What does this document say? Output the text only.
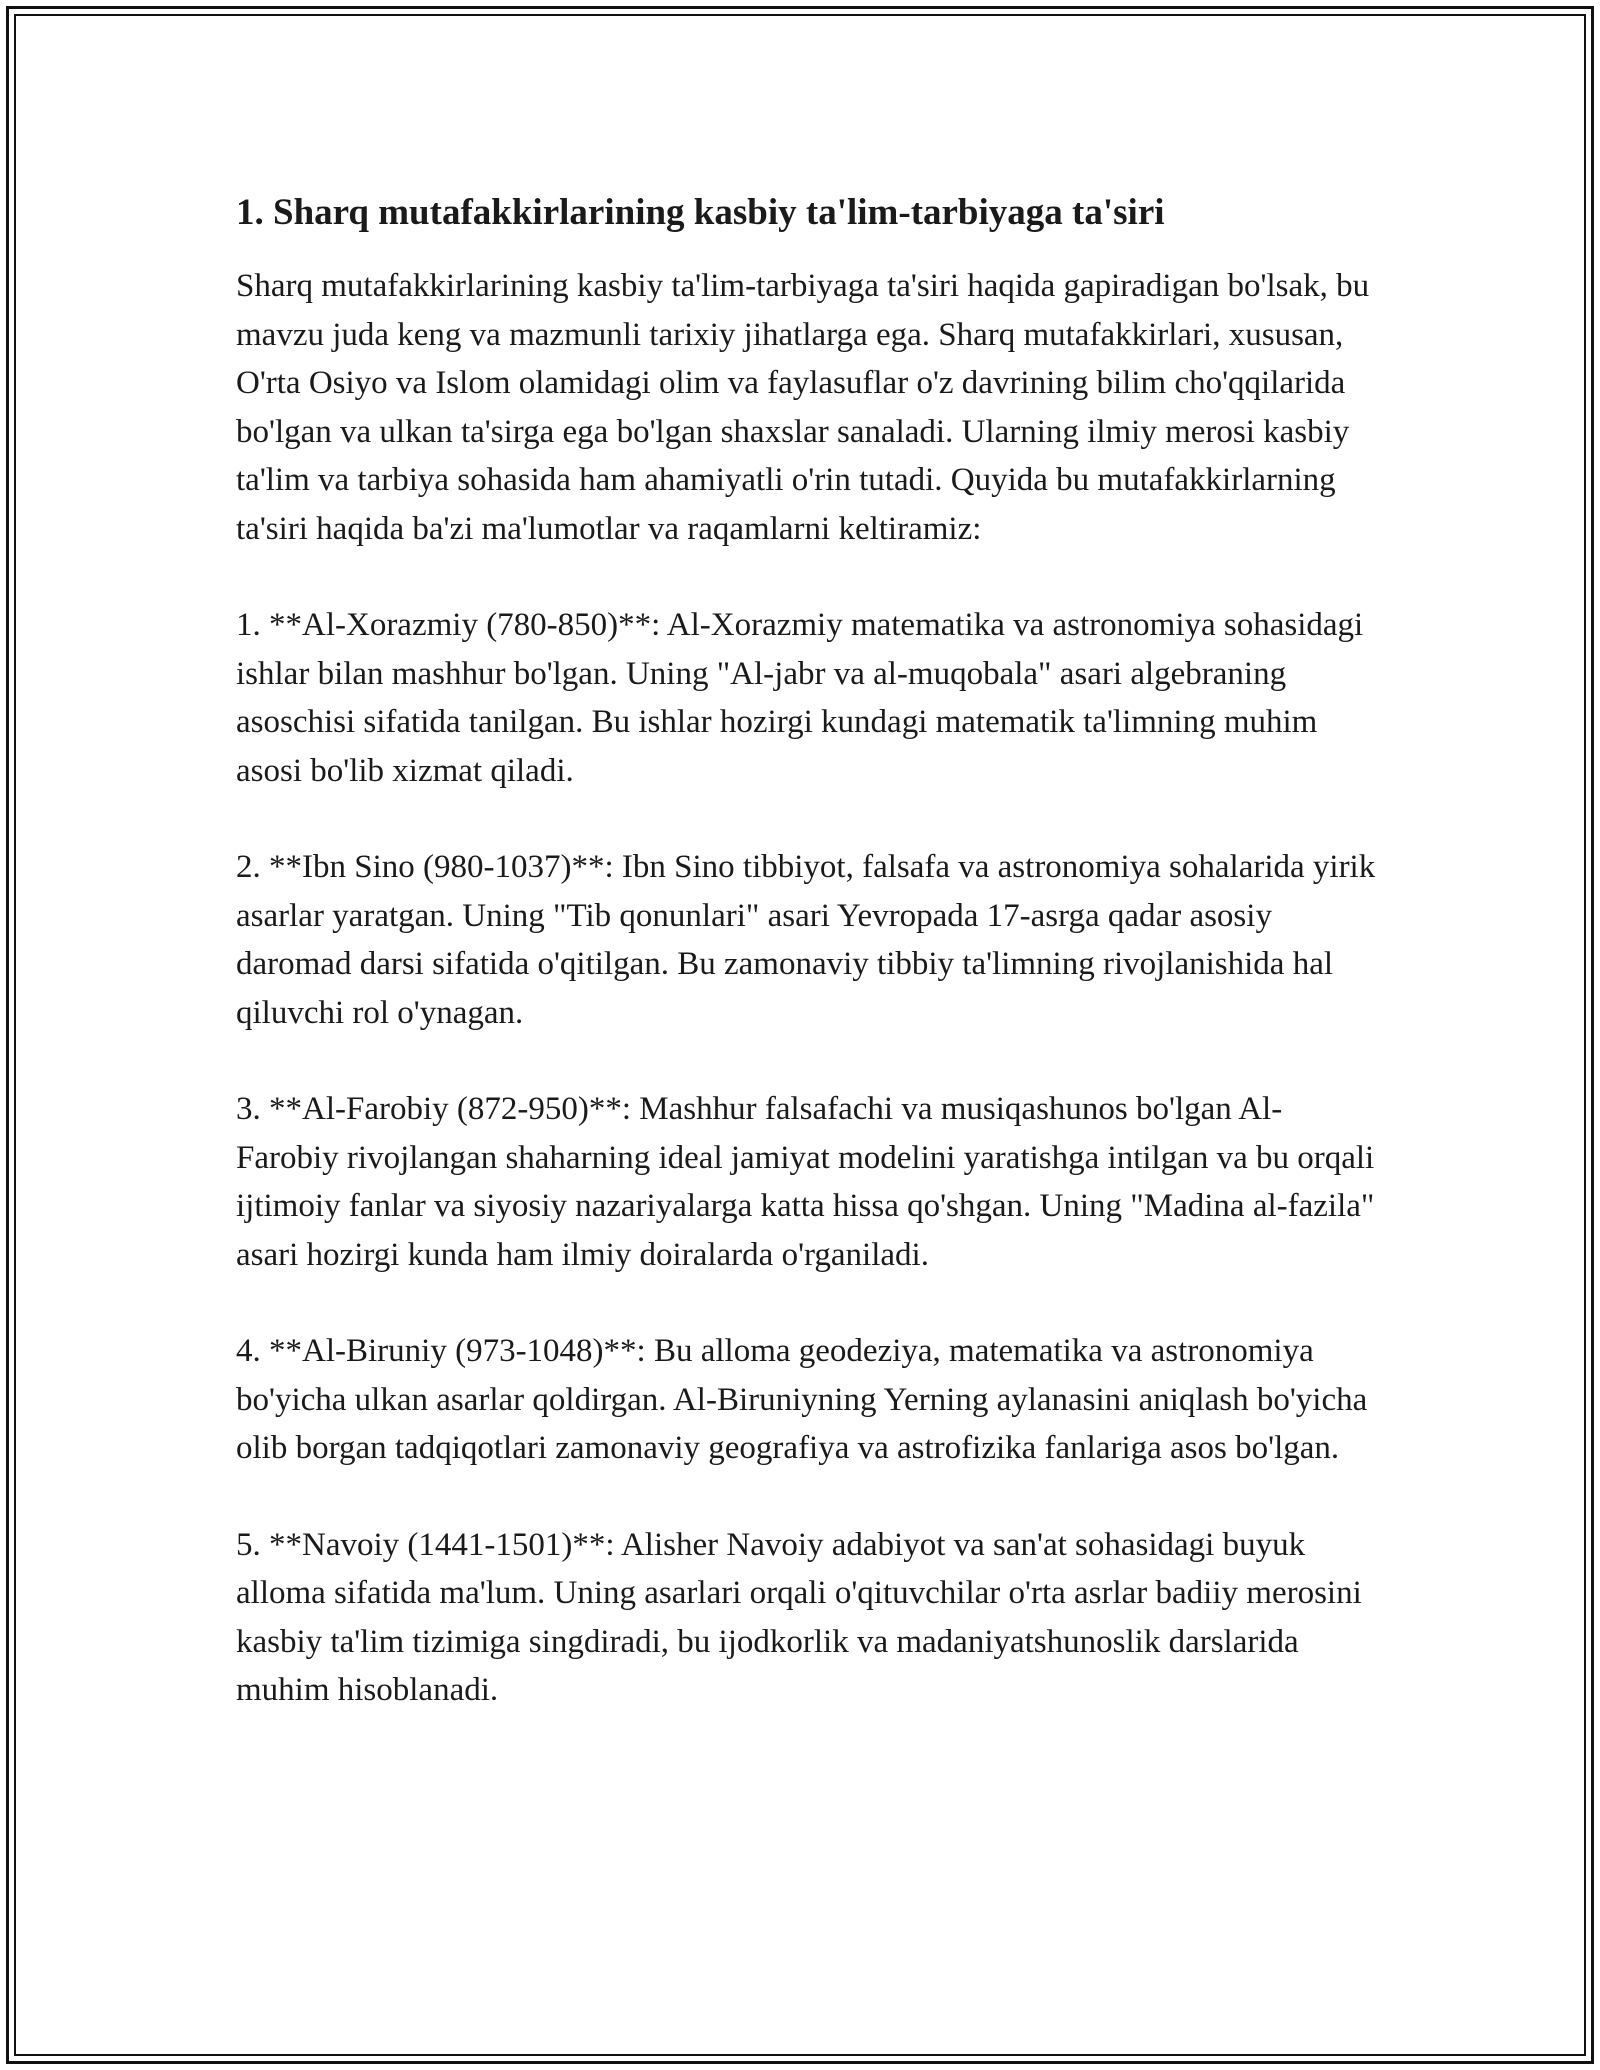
1. Sharq mutafakkirlarining kasbiy ta'lim-tarbiyaga ta'siri

Sharq mutafakkirlarining kasbiy ta'lim-tarbiyaga ta'siri haqida gapiradigan bo'lsak, bu mavzu juda keng va mazmunli tarixiy jihatlarga ega. Sharq mutafakkirlari, xususan, O'rta Osiyo va Islom olamidagi olim va faylasuflar o'z davrining bilim cho'qqilarida bo'lgan va ulkan ta'sirga ega bo'lgan shaxslar sanaladi. Ularning ilmiy merosi kasbiy ta'lim va tarbiya sohasida ham ahamiyatli o'rin tutadi. Quyida bu mutafakkirlarning ta'siri haqida ba'zi ma'lumotlar va raqamlarni keltiramiz:

1. **Al-Xorazmiy (780-850)**: Al-Xorazmiy matematika va astronomiya sohasidagi ishlar bilan mashhur bo'lgan. Uning "Al-jabr va al-muqobala" asari algebraning asoschisi sifatida tanilgan. Bu ishlar hozirgi kundagi matematik ta'limning muhim asosi bo'lib xizmat qiladi.

2. **Ibn Sino (980-1037)**: Ibn Sino tibbiyot, falsafa va astronomiya sohalarida yirik asarlar yaratgan. Uning "Tib qonunlari" asari Yevropada 17-asrga qadar asosiy daromad darsi sifatida o'qitilgan. Bu zamonaviy tibbiy ta'limning rivojlanishida hal qiluvchi rol o'ynagan.

3. **Al-Farobiy (872-950)**: Mashhur falsafachi va musiqashunos bo'lgan Al-Farobiy rivojlangan shaharning ideal jamiyat modelini yaratishga intilgan va bu orqali ijtimoiy fanlar va siyosiy nazariyalarga katta hissa qo'shgan. Uning "Madina al-fazila" asari hozirgi kunda ham ilmiy doiralarda o'rganiladi.

4. **Al-Biruniy (973-1048)**: Bu alloma geodeziya, matematika va astronomiya bo'yicha ulkan asarlar qoldirgan. Al-Biruniyning Yerning aylanasini aniqlash bo'yicha olib borgan tadqiqotlari zamonaviy geografiya va astrofizika fanlariga asos bo'lgan.

5. **Navoiy (1441-1501)**: Alisher Navoiy adabiyot va san'at sohasidagi buyuk alloma sifatida ma'lum. Uning asarlari orqali o'qituvchilar o'rta asrlar badiiy merosini kasbiy ta'lim tizimiga singdiradi, bu ijodkorlik va madaniyatshunoslik darslarida muhim hisoblanadi.
